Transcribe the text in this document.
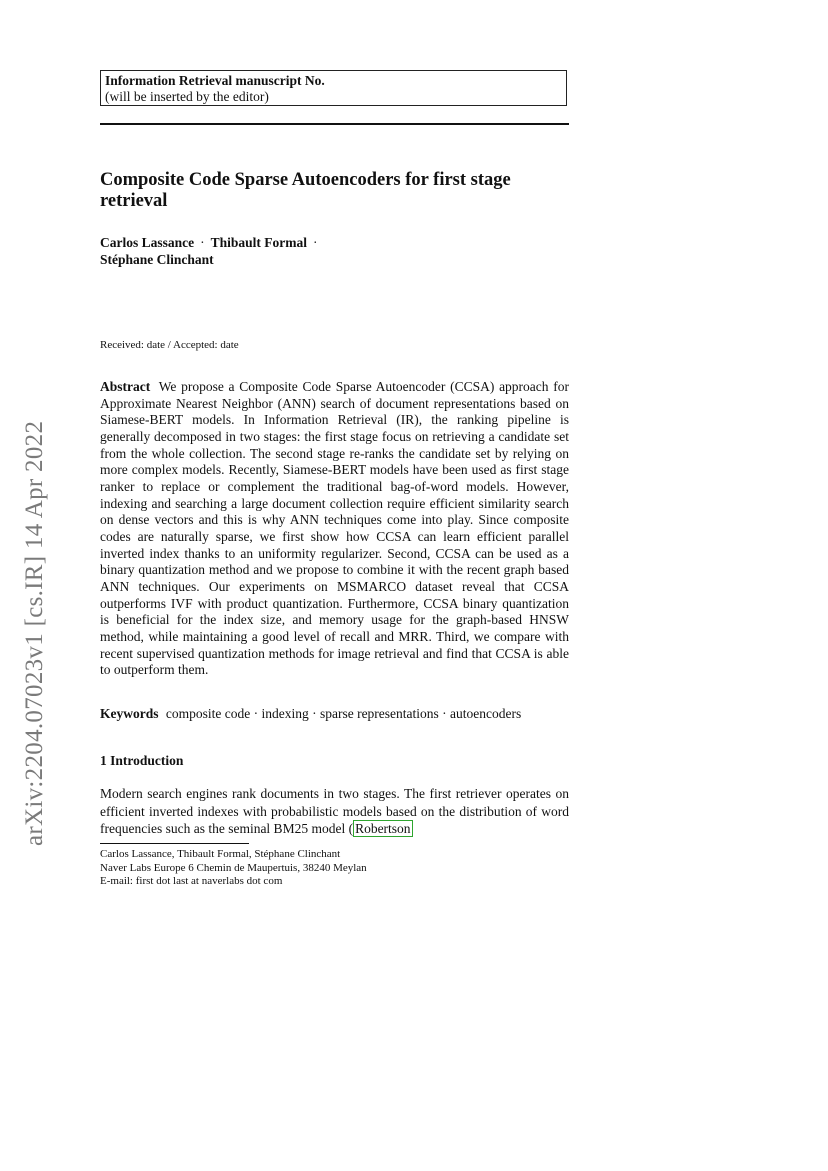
arXiv:2204.07023v1 [cs.IR] 14 Apr 2022
Information Retrieval manuscript No.
(will be inserted by the editor)
Composite Code Sparse Autoencoders for first stage retrieval
Carlos Lassance · Thibault Formal ·
Stéphane Clinchant
Received: date / Accepted: date
Abstract We propose a Composite Code Sparse Autoencoder (CCSA) approach for Approximate Nearest Neighbor (ANN) search of document representations based on Siamese-BERT models. In Information Retrieval (IR), the ranking pipeline is generally decomposed in two stages: the first stage focus on retrieving a candidate set from the whole collection. The second stage re-ranks the candidate set by relying on more complex models. Recently, Siamese-BERT models have been used as first stage ranker to replace or complement the traditional bag-of-word models. However, indexing and searching a large document collection require efficient similarity search on dense vectors and this is why ANN techniques come into play. Since composite codes are naturally sparse, we first show how CCSA can learn efficient parallel inverted index thanks to an uniformity regularizer. Second, CCSA can be used as a binary quantization method and we propose to combine it with the recent graph based ANN techniques. Our experiments on MSMARCO dataset reveal that CCSA outperforms IVF with product quantization. Furthermore, CCSA binary quantization is beneficial for the index size, and memory usage for the graph-based HNSW method, while maintaining a good level of recall and MRR. Third, we compare with recent supervised quantization methods for image retrieval and find that CCSA is able to outperform them.
Keywords composite code · indexing · sparse representations · autoencoders
1 Introduction
Modern search engines rank documents in two stages. The first retriever operates on efficient inverted indexes with probabilistic models based on the distribution of word frequencies such as the seminal BM25 model ( Robertson
Carlos Lassance, Thibault Formal, Stéphane Clinchant
Naver Labs Europe 6 Chemin de Maupertuis, 38240 Meylan
E-mail: first dot last at naverlabs dot com
